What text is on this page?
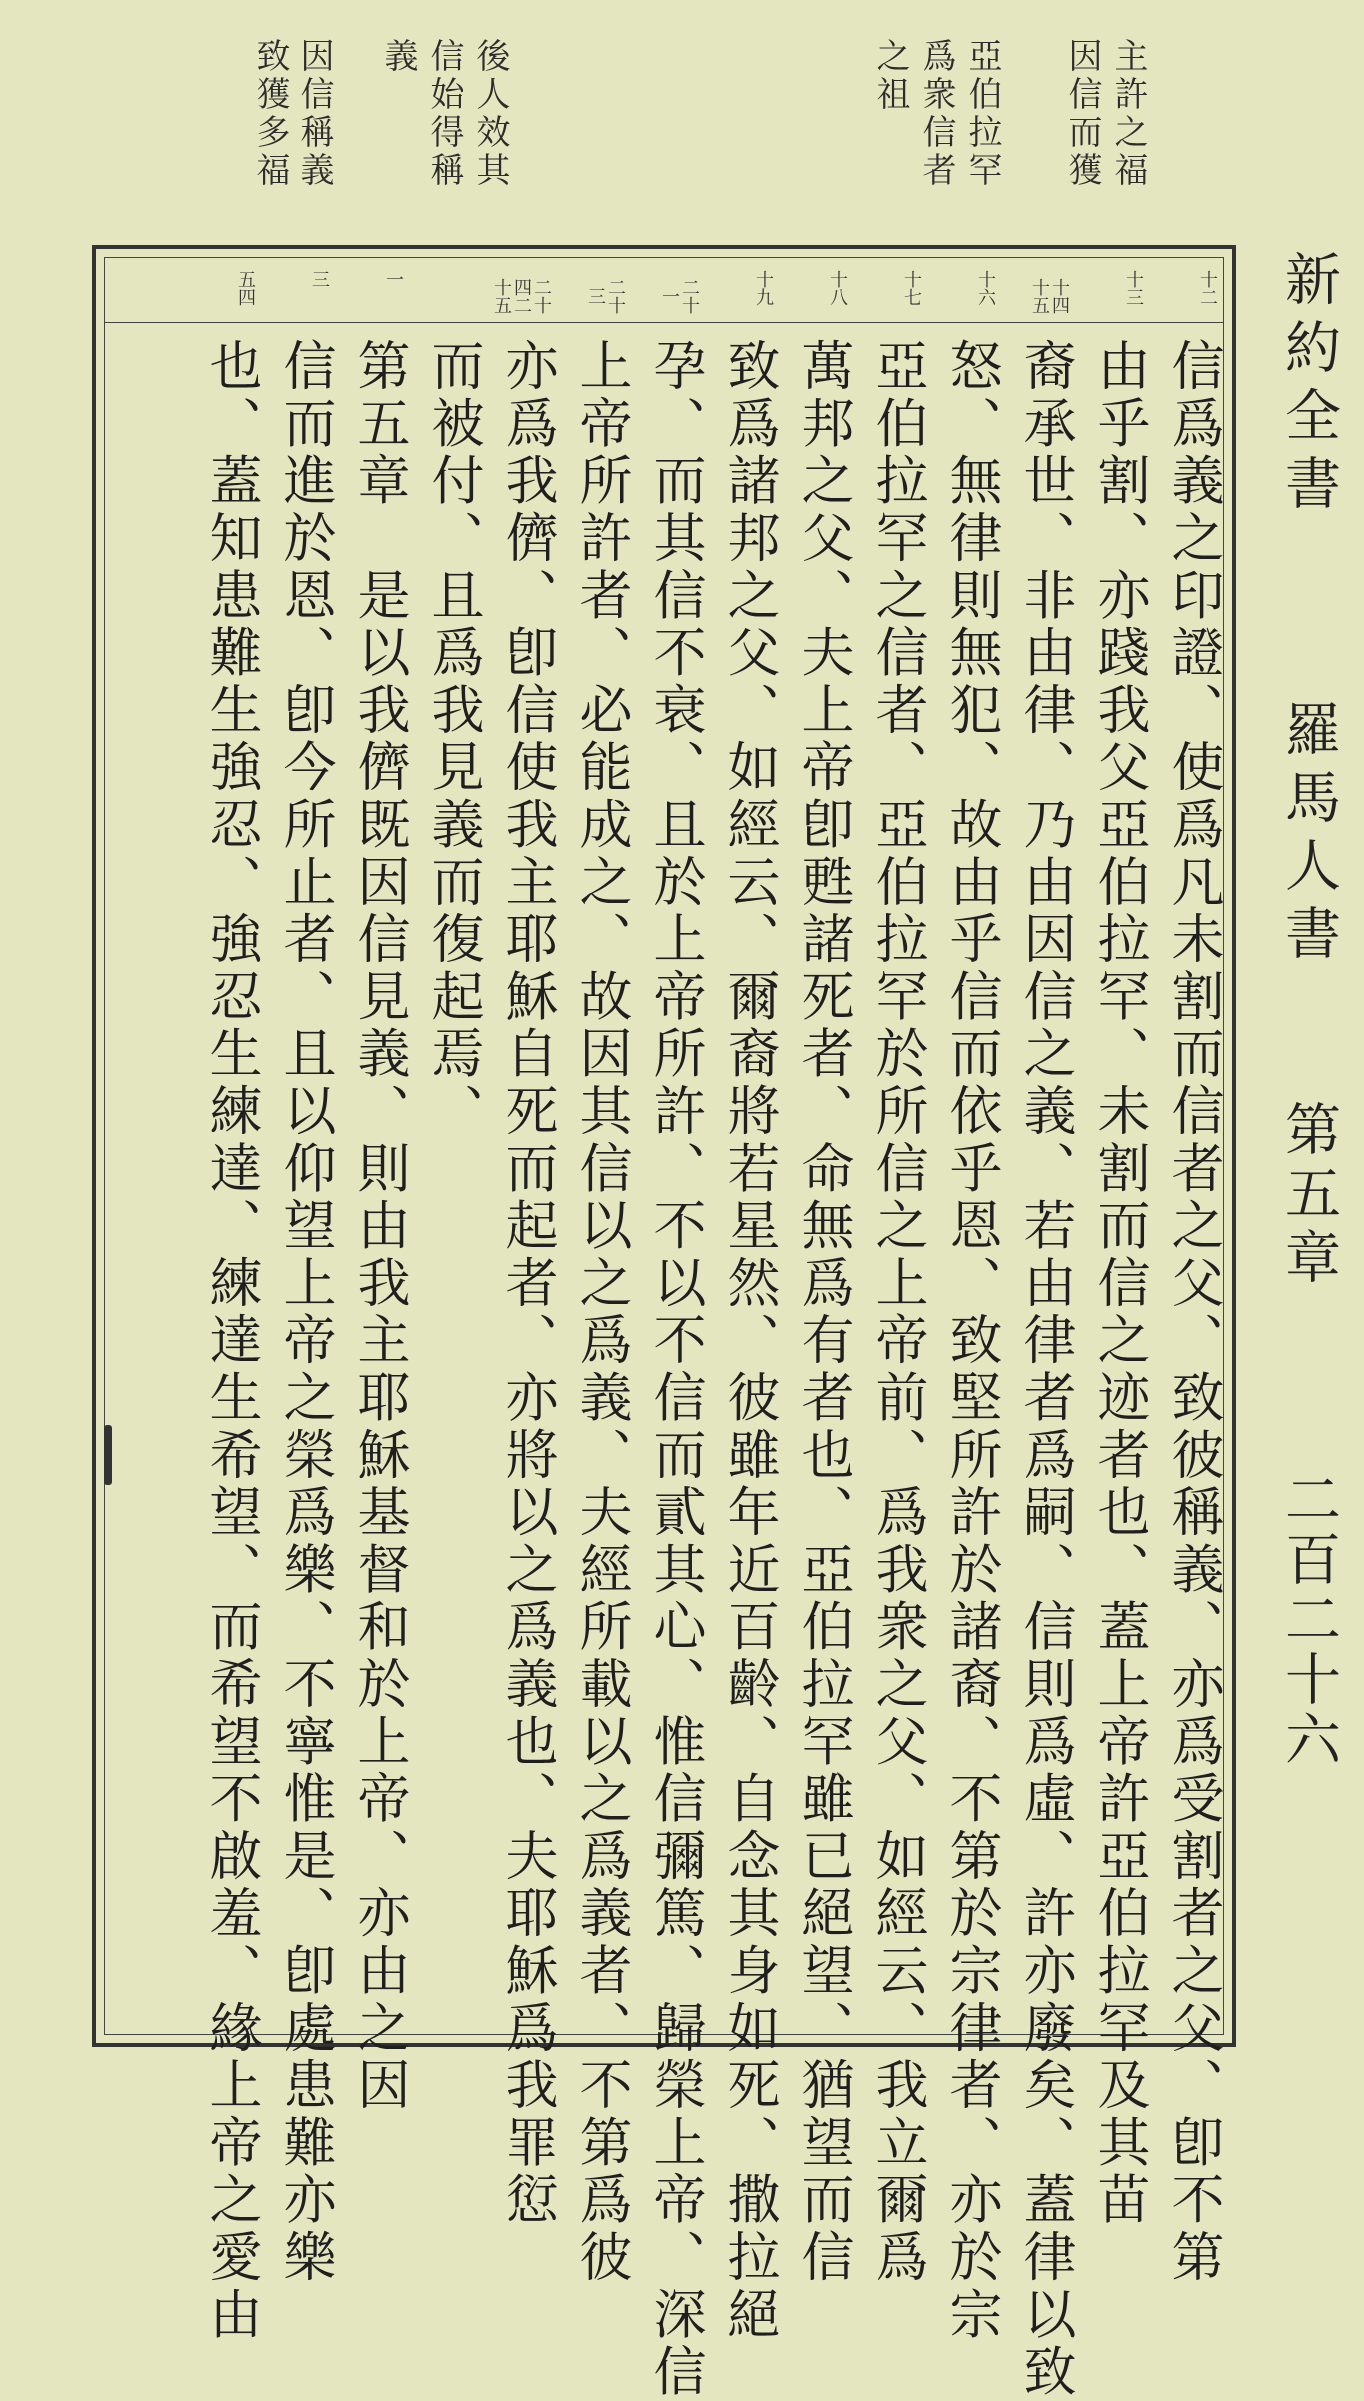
主許之福
因信而獲
亞伯拉罕
爲衆信者
之祖
後人效其
信始得稱
義
因信稱義
致獲多福
新約全書
羅馬人書
第五章
二百二十六
十二
十三
十四十五
十六
十七
十八
十九
二十一
二十三
二十四二十五
一
三
五四
信爲義之印證、使爲凡未割而信者之父、致彼稱義、亦爲受割者之父、卽不第
由乎割、亦踐我父亞伯拉罕、未割而信之迹者也、蓋上帝許亞伯拉罕及其苗
裔承世、非由律、乃由因信之義、若由律者爲嗣、信則爲虛、許亦廢矣、蓋律以致
怒、無律則無犯、故由乎信而依乎恩、致堅所許於諸裔、不第於宗律者、亦於宗
亞伯拉罕之信者、亞伯拉罕於所信之上帝前、爲我衆之父、如經云、我立爾爲
萬邦之父、夫上帝卽甦諸死者、命無爲有者也、亞伯拉罕雖已絕望、猶望而信
致爲諸邦之父、如經云、爾裔將若星然、彼雖年近百齡、自念其身如死、撒拉絕
孕、而其信不衰、且於上帝所許、不以不信而貳其心、惟信彌篤、歸榮上帝、深信
上帝所許者、必能成之、故因其信以之爲義、夫經所載以之爲義者、不第爲彼
亦爲我儕、卽信使我主耶穌自死而起者、亦將以之爲義也、夫耶穌爲我罪愆
而被付、且爲我見義而復起焉、
第五章　是以我儕既因信見義、則由我主耶穌基督和於上帝、亦由之因
信而進於恩、卽今所止者、且以仰望上帝之榮爲樂、不寧惟是、卽處患難亦樂
也、蓋知患難生強忍、強忍生練達、練達生希望、而希望不啟羞、緣上帝之愛由
